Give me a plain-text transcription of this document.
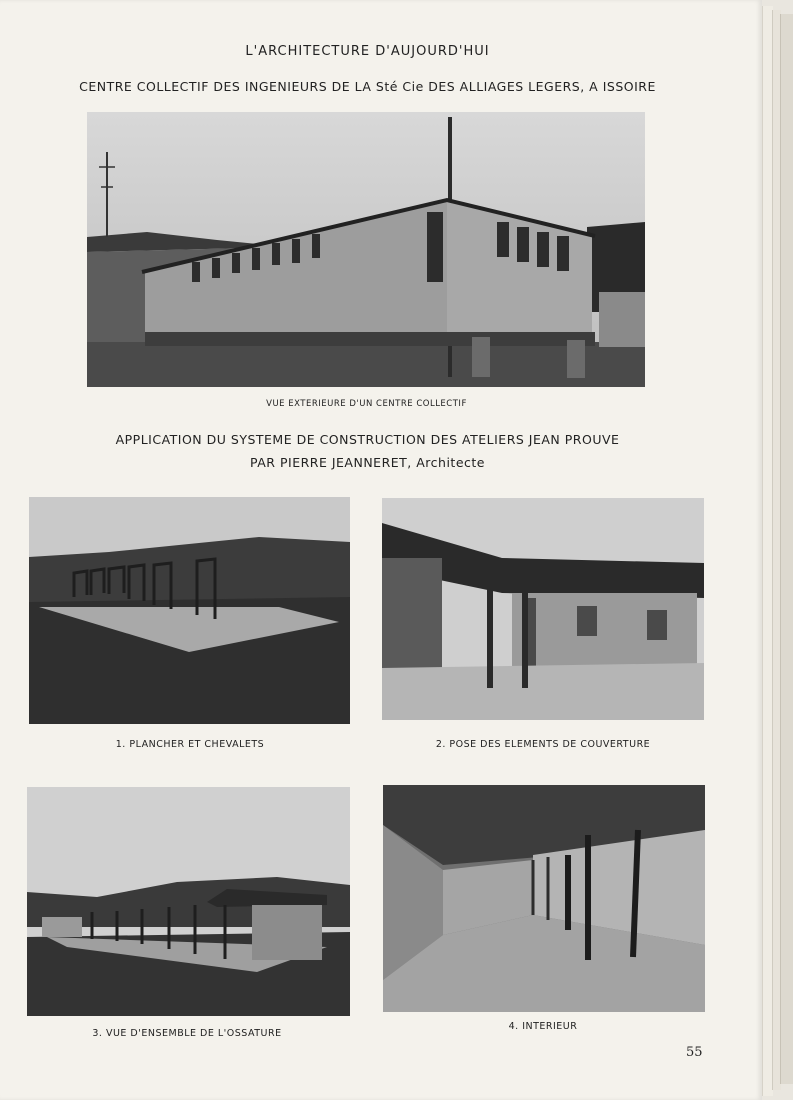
L'ARCHITECTURE D'AUJOURD'HUI
CENTRE COLLECTIF DES INGENIEURS DE LA Sté Cie DES ALLIAGES LEGERS, A ISSOIRE
VUE EXTERIEURE D'UN CENTRE COLLECTIF
APPLICATION DU SYSTEME DE CONSTRUCTION DES ATELIERS JEAN PROUVE
PAR PIERRE JEANNERET, Architecte
1. PLANCHER ET CHEVALETS	2. POSE DES ELEMENTS DE COUVERTURE
3. VUE D'ENSEMBLE DE L'OSSATURE
4. INTERIEUR
55
